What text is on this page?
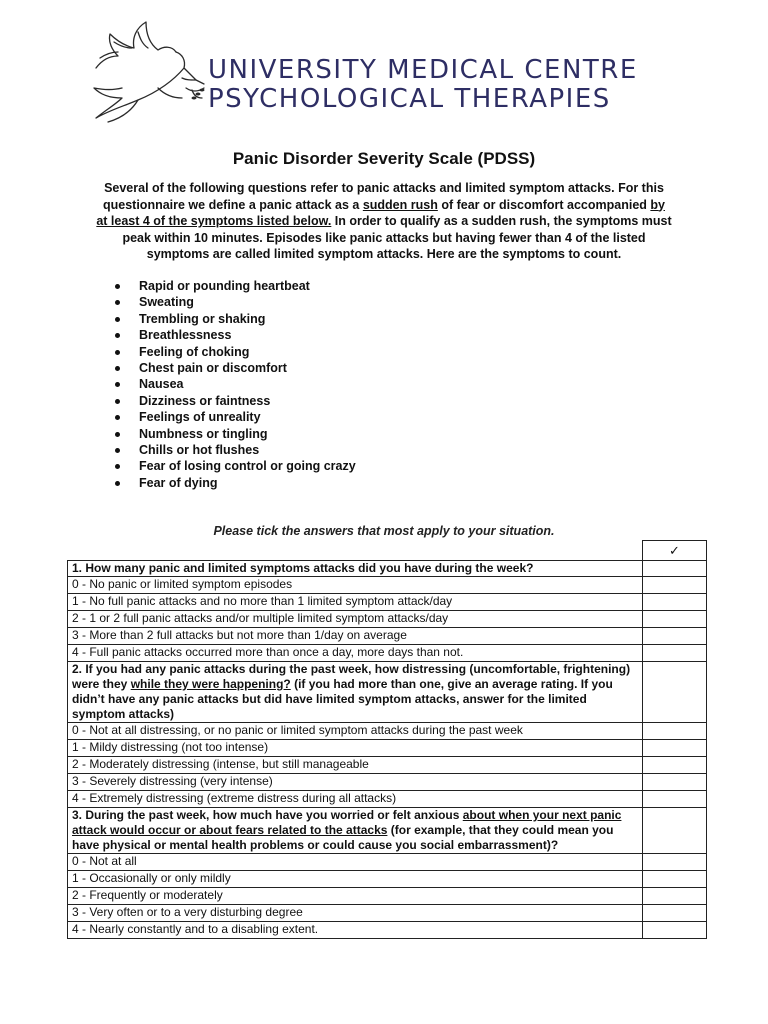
UNIVERSITY MEDICAL CENTRE
PSYCHOLOGICAL THERAPIES
Panic Disorder Severity Scale (PDSS)

Several of the following questions refer to panic attacks and limited symptom attacks. For this questionnaire we define a panic attack as a sudden rush of fear or discomfort accompanied by at least 4 of the symptoms listed below. In order to qualify as a sudden rush, the symptoms must peak within 10 minutes. Episodes like panic attacks but having fewer than 4 of the listed symptoms are called limited symptom attacks. Here are the symptoms to count.

Rapid or pounding heartbeat
Sweating
Trembling or shaking
Breathlessness
Feeling of choking
Chest pain or discomfort
Nausea
Dizziness or faintness
Feelings of unreality
Numbness or tingling
Chills or hot flushes
Fear of losing control or going crazy
Fear of dying

Please tick the answers that most apply to your situation.

	✓
1. How many panic and limited symptoms attacks did you have during the week?	
0 - No panic or limited symptom episodes	
1 - No full panic attacks and no more than 1 limited symptom attack/day	
2 - 1 or 2 full panic attacks and/or multiple limited symptom attacks/day	
3 - More than 2 full attacks but not more than 1/day on average	
4 - Full panic attacks occurred more than once a day, more days than not.	
2. If you had any panic attacks during the past week, how distressing (uncomfortable, frightening) were they while they were happening? (if you had more than one, give an average rating. If you didn’t have any panic attacks but did have limited symptom attacks, answer for the limited symptom attacks)	
0 - Not at all distressing, or no panic or limited symptom attacks during the past week	
1 - Mildy distressing (not too intense)	
2 - Moderately distressing (intense, but still manageable	
3 - Severely distressing (very intense)	
4 - Extremely distressing (extreme distress during all attacks)	
3. During the past week, how much have you worried or felt anxious about when your next panic attack would occur or about fears related to the attacks (for example, that they could mean you have physical or mental health problems or could cause you social embarrassment)?	
0 - Not at all	
1 - Occasionally or only mildly	
2 - Frequently or moderately	
3 - Very often or to a very disturbing degree	
4 - Nearly constantly and to a disabling extent.	
